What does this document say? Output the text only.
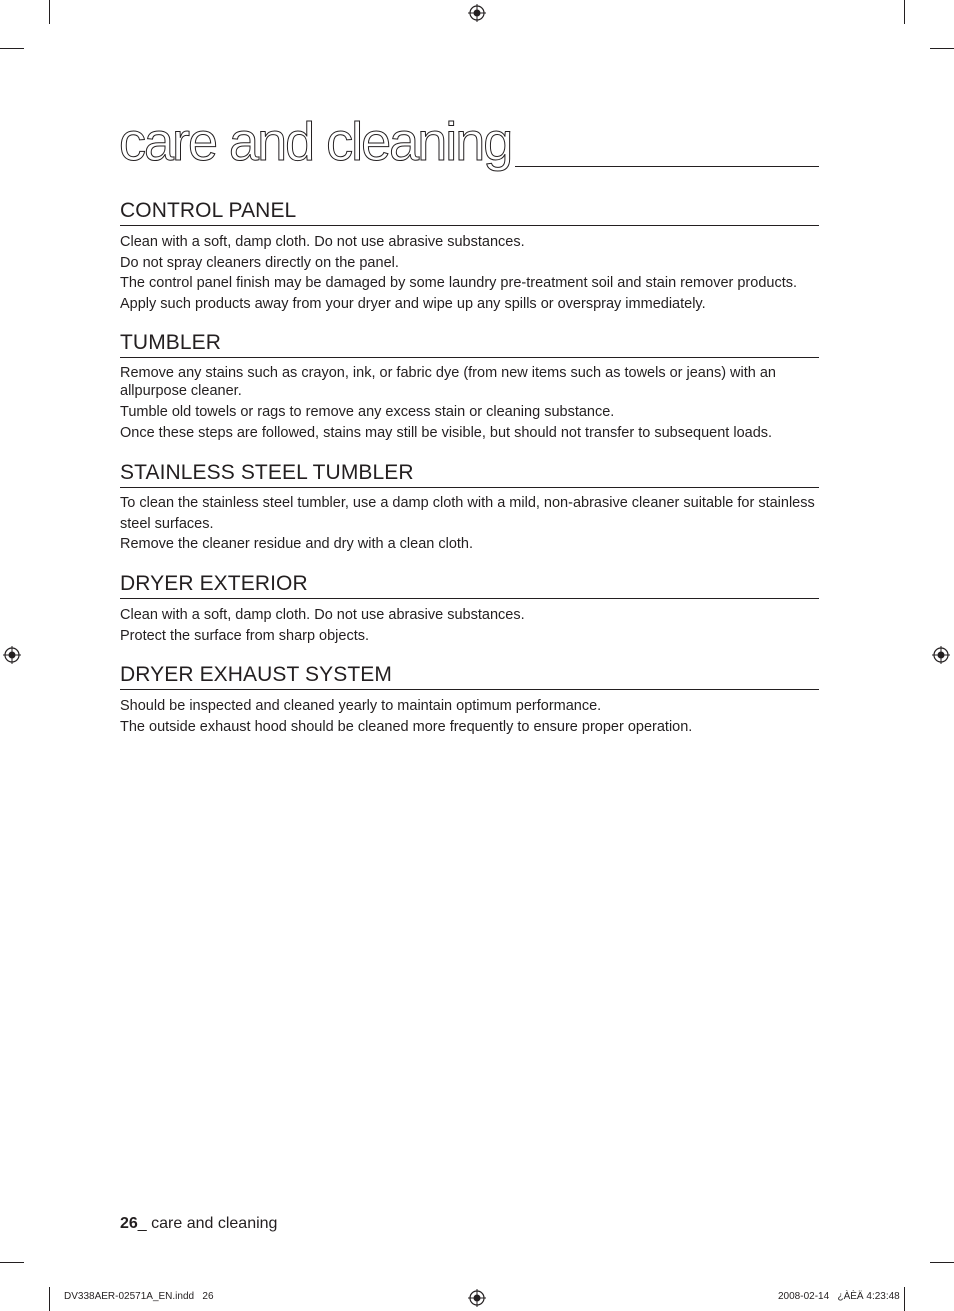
care and cleaning
CONTROL PANEL

Clean with a soft, damp cloth. Do not use abrasive substances.

Do not spray cleaners directly on the panel.

The control panel finish may be damaged by some laundry pre-treatment soil and stain remover products.

Apply such products away from your dryer and wipe up any spills or overspray immediately.

TUMBLER

Remove any stains such as crayon, ink, or fabric dye (from new items such as towels or jeans) with an allpurpose cleaner.

Tumble old towels or rags to remove any excess stain or cleaning substance.

Once these steps are followed, stains may still be visible, but should not transfer to subsequent loads.

STAINLESS STEEL TUMBLER

To clean the stainless steel tumbler, use a damp cloth with a mild, non-abrasive cleaner suitable for stainless steel surfaces.

Remove the cleaner residue and dry with a clean cloth.

DRYER EXTERIOR

Clean with a soft, damp cloth. Do not use abrasive substances.

Protect the surface from sharp objects.

DRYER EXHAUST SYSTEM

Should be inspected and cleaned yearly to maintain optimum performance.

The outside exhaust hood should be cleaned more frequently to ensure proper operation.

26_ care and cleaning
DV338AER-02571A_EN.indd   26	2008-02-14   ¿ÀÈÄ 4:23:48
